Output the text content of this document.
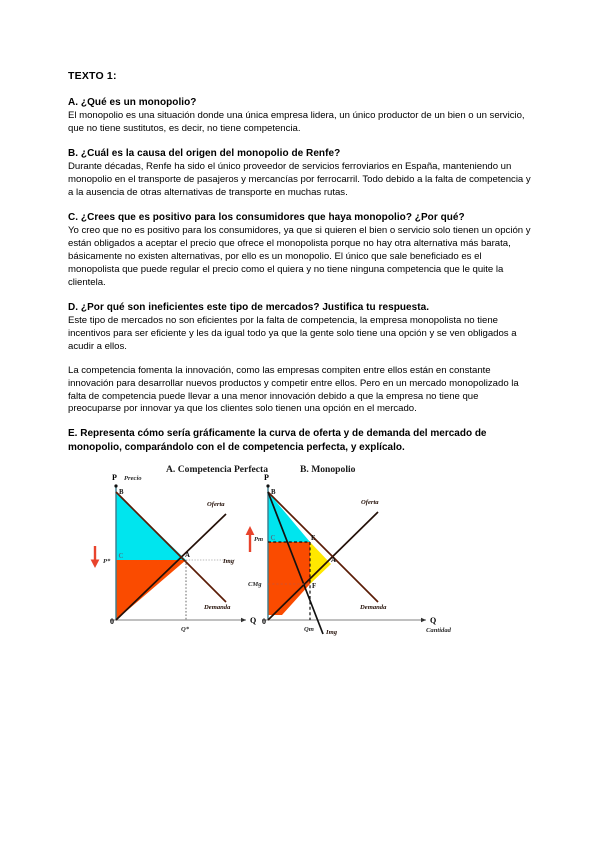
TEXTO 1:
A. ¿Qué es un monopolio?
El monopolio es una situación donde una única empresa lidera, un único productor de un bien o un servicio, que no tiene sustitutos, es decir, no tiene competencia.
B. ¿Cuál es la causa del origen del monopolio de Renfe?
Durante décadas, Renfe ha sido el único proveedor de servicios ferroviarios en España, manteniendo un monopolio en el transporte de pasajeros y mercancías por ferrocarril. Todo debido a la falta de competencia y a la ausencia de otras alternativas de transporte en muchas rutas.
C. ¿Crees que es positivo para los consumidores que haya monopolio? ¿Por qué?
Yo creo que no es positivo para los consumidores, ya que si quieren el bien o servicio solo tienen un opción y están obligados a aceptar el precio que ofrece el monopolista porque no hay otra alternativa más barata, básicamente no existen alternativas, por ello es un monopolio. El único que sale beneficiado es el monopolista que puede regular el precio como el quiera y no tiene ninguna competencia que le quite la clientela.
D. ¿Por qué son ineficientes este tipo de mercados? Justifica tu respuesta.
Este tipo de mercados no son eficientes por la falta de competencia, la empresa monopolista no tiene incentivos para ser eficiente y les da igual todo ya que la gente solo tiene una opción y se ven obligados a acudir a ellos.
La competencia fomenta la innovación, como las empresas compiten entre ellos están en constante innovación para desarrollar nuevos productos y competir entre ellos. Pero en un mercado monopolizado la falta de competencia puede llevar a una menor innovación debido a que la empresa no tiene que preocuparse por innovar ya que los clientes solo tienen una opción en el mercado.
E. Representa cómo sería gráficamente la curva de oferta y de demanda del mercado de monopolio, comparándolo con el de competencia perfecta, y explícalo.
A. Competencia Perfecta
P Precio
Q
B
C	A
P*
Q*
0
Oferta
Demanda
Img
B. Monopolio
P
Q
Cantidad
B
C	E
A
F
Pm
CMg
Qm
0
Oferta
Demanda
Img
